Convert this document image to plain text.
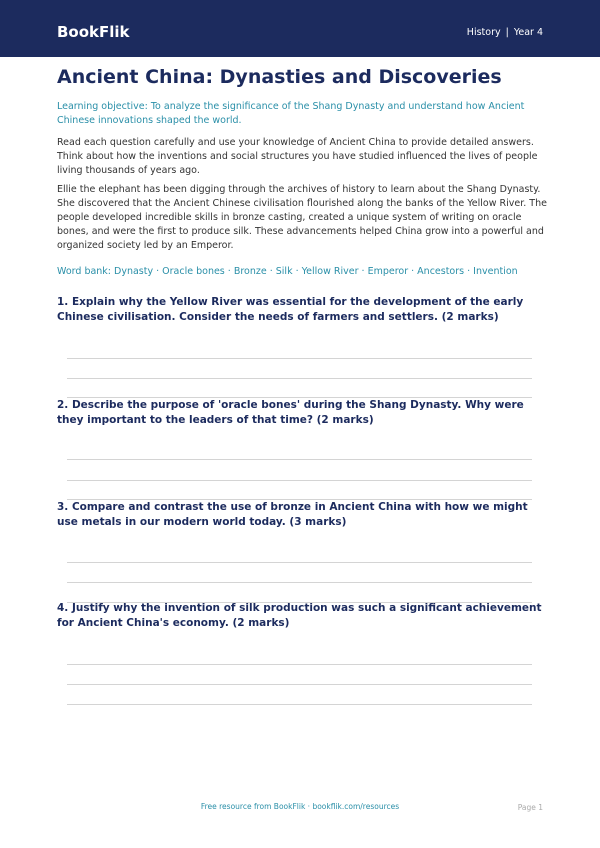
BookFlik	History | Year 4
Ancient China: Dynasties and Discoveries
Learning objective: To analyze the significance of the Shang Dynasty and understand how Ancient Chinese innovations shaped the world.
Read each question carefully and use your knowledge of Ancient China to provide detailed answers. Think about how the inventions and social structures you have studied influenced the lives of people living thousands of years ago.
Ellie the elephant has been digging through the archives of history to learn about the Shang Dynasty. She discovered that the Ancient Chinese civilisation flourished along the banks of the Yellow River. The people developed incredible skills in bronze casting, created a unique system of writing on oracle bones, and were the first to produce silk. These advancements helped China grow into a powerful and organized society led by an Emperor.
Word bank: Dynasty · Oracle bones · Bronze · Silk · Yellow River · Emperor · Ancestors · Invention
1. Explain why the Yellow River was essential for the development of the early Chinese civilisation. Consider the needs of farmers and settlers. (2 marks)
2. Describe the purpose of 'oracle bones' during the Shang Dynasty. Why were they important to the leaders of that time? (2 marks)
3. Compare and contrast the use of bronze in Ancient China with how we might use metals in our modern world today. (3 marks)
4. Justify why the invention of silk production was such a significant achievement for Ancient China's economy. (2 marks)
Free resource from BookFlik · bookflik.com/resources	Page 1
